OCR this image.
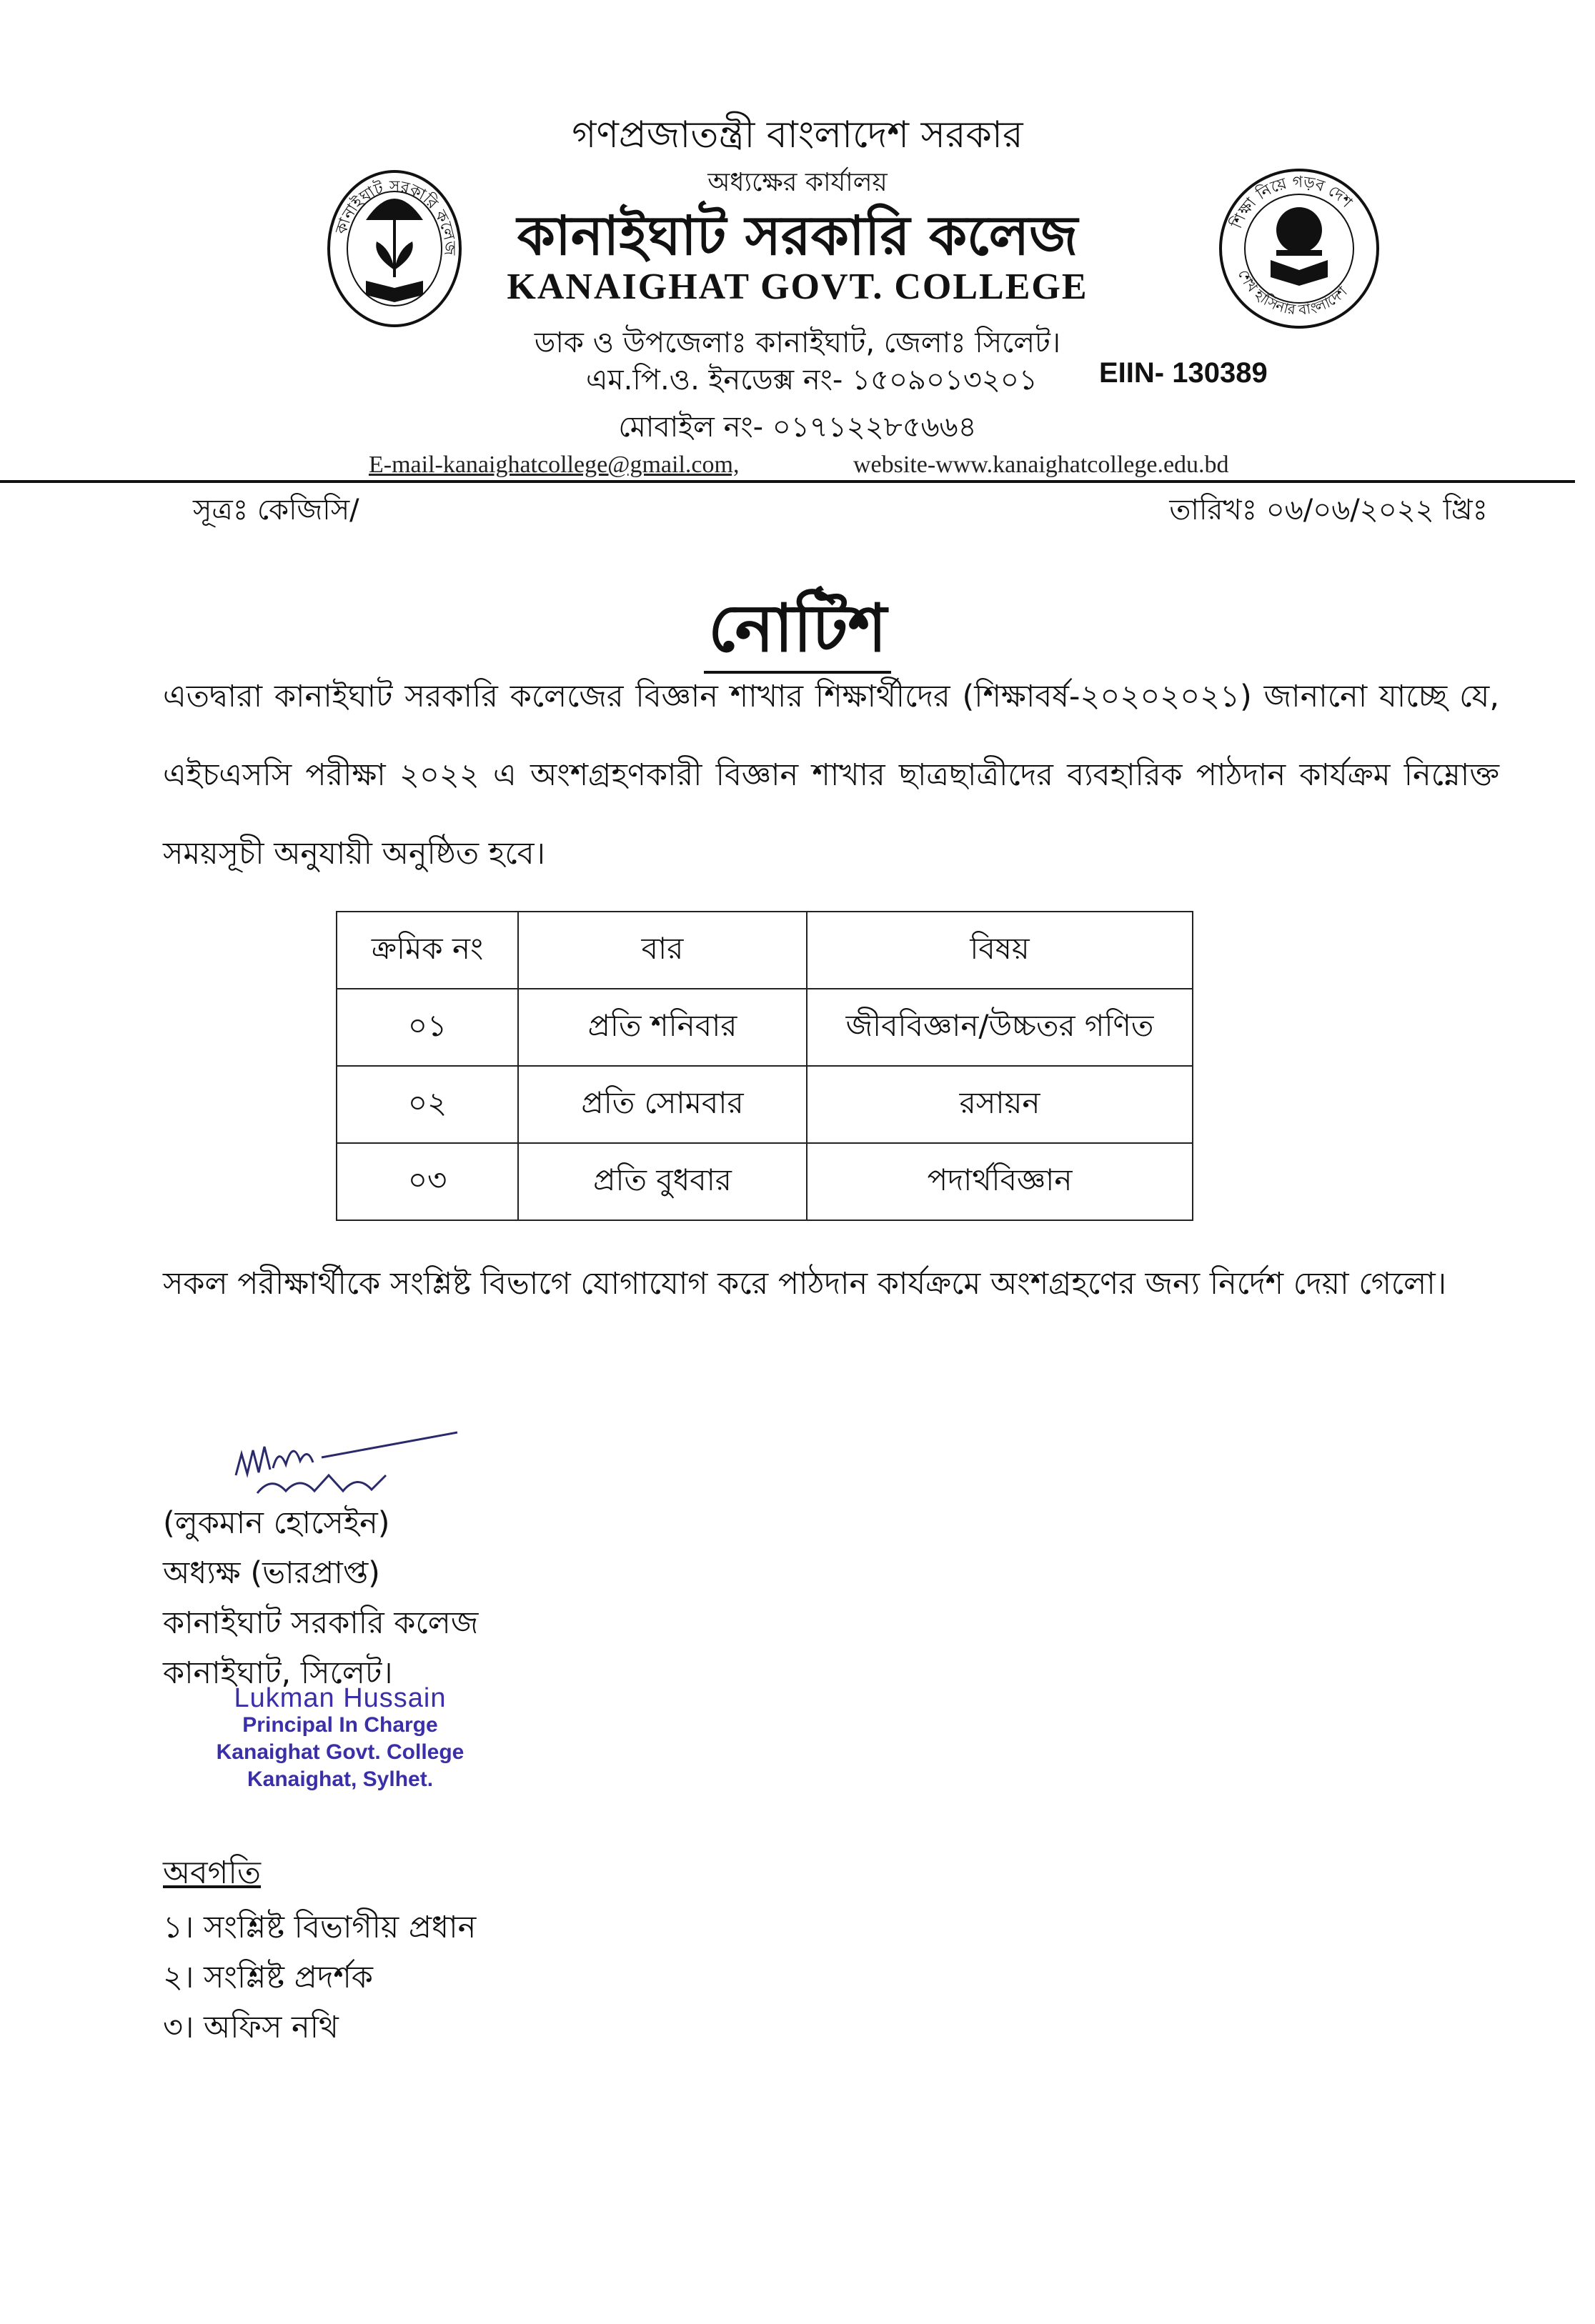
কানাইঘাট সরকারি কলেজ
শিক্ষা নিয়ে গড়ব দেশ
শেখ হাসিনার বাংলাদেশ
গণপ্রজাতন্ত্রী বাংলাদেশ সরকার
অধ্যক্ষের কার্যালয়
কানাইঘাট সরকারি কলেজ
KANAIGHAT GOVT. COLLEGE
ডাক ও উপজেলাঃ কানাইঘাট, জেলাঃ সিলেট।
এম.পি.ও. ইনডেক্স নং- ১৫০৯০১৩২০১ EIIN- 130389
মোবাইল নং- ০১৭১২২৮৫৬৬৪
E-mail-kanaighatcollege@gmail.com,	website-www.kanaighatcollege.edu.bd
সূত্রঃ কেজিসি/	তারিখঃ ০৬/০৬/২০২২ খ্রিঃ
নোটিশ
এতদ্বারা কানাইঘাট সরকারি কলেজের বিজ্ঞান শাখার শিক্ষার্থীদের (শিক্ষাবর্ষ-২০২০২০২১) জানানো যাচ্ছে যে, এইচএসসি পরীক্ষা ২০২২ এ অংশগ্রহণকারী বিজ্ঞান শাখার ছাত্রছাত্রীদের ব্যবহারিক পাঠদান কার্যক্রম নিম্নোক্ত সময়সূচী অনুযায়ী অনুষ্ঠিত হবে।
ক্রমিক নং	বার	বিষয়
০১	প্রতি শনিবার	জীববিজ্ঞান/উচ্চতর গণিত
০২	প্রতি সোমবার	রসায়ন
০৩	প্রতি বুধবার	পদার্থবিজ্ঞান
সকল পরীক্ষার্থীকে সংশ্লিষ্ট বিভাগে যোগাযোগ করে পাঠদান কার্যক্রমে অংশগ্রহণের জন্য নির্দেশ দেয়া গেলো।
(লুকমান হোসেইন)
অধ্যক্ষ (ভারপ্রাপ্ত)
কানাইঘাট সরকারি কলেজ
কানাইঘাট, সিলেট।
Lukman Hussain
Principal In Charge
Kanaighat Govt. College
Kanaighat, Sylhet.
অবগতি
১। সংশ্লিষ্ট বিভাগীয় প্রধান
২। সংশ্লিষ্ট প্রদর্শক
৩। অফিস নথি
